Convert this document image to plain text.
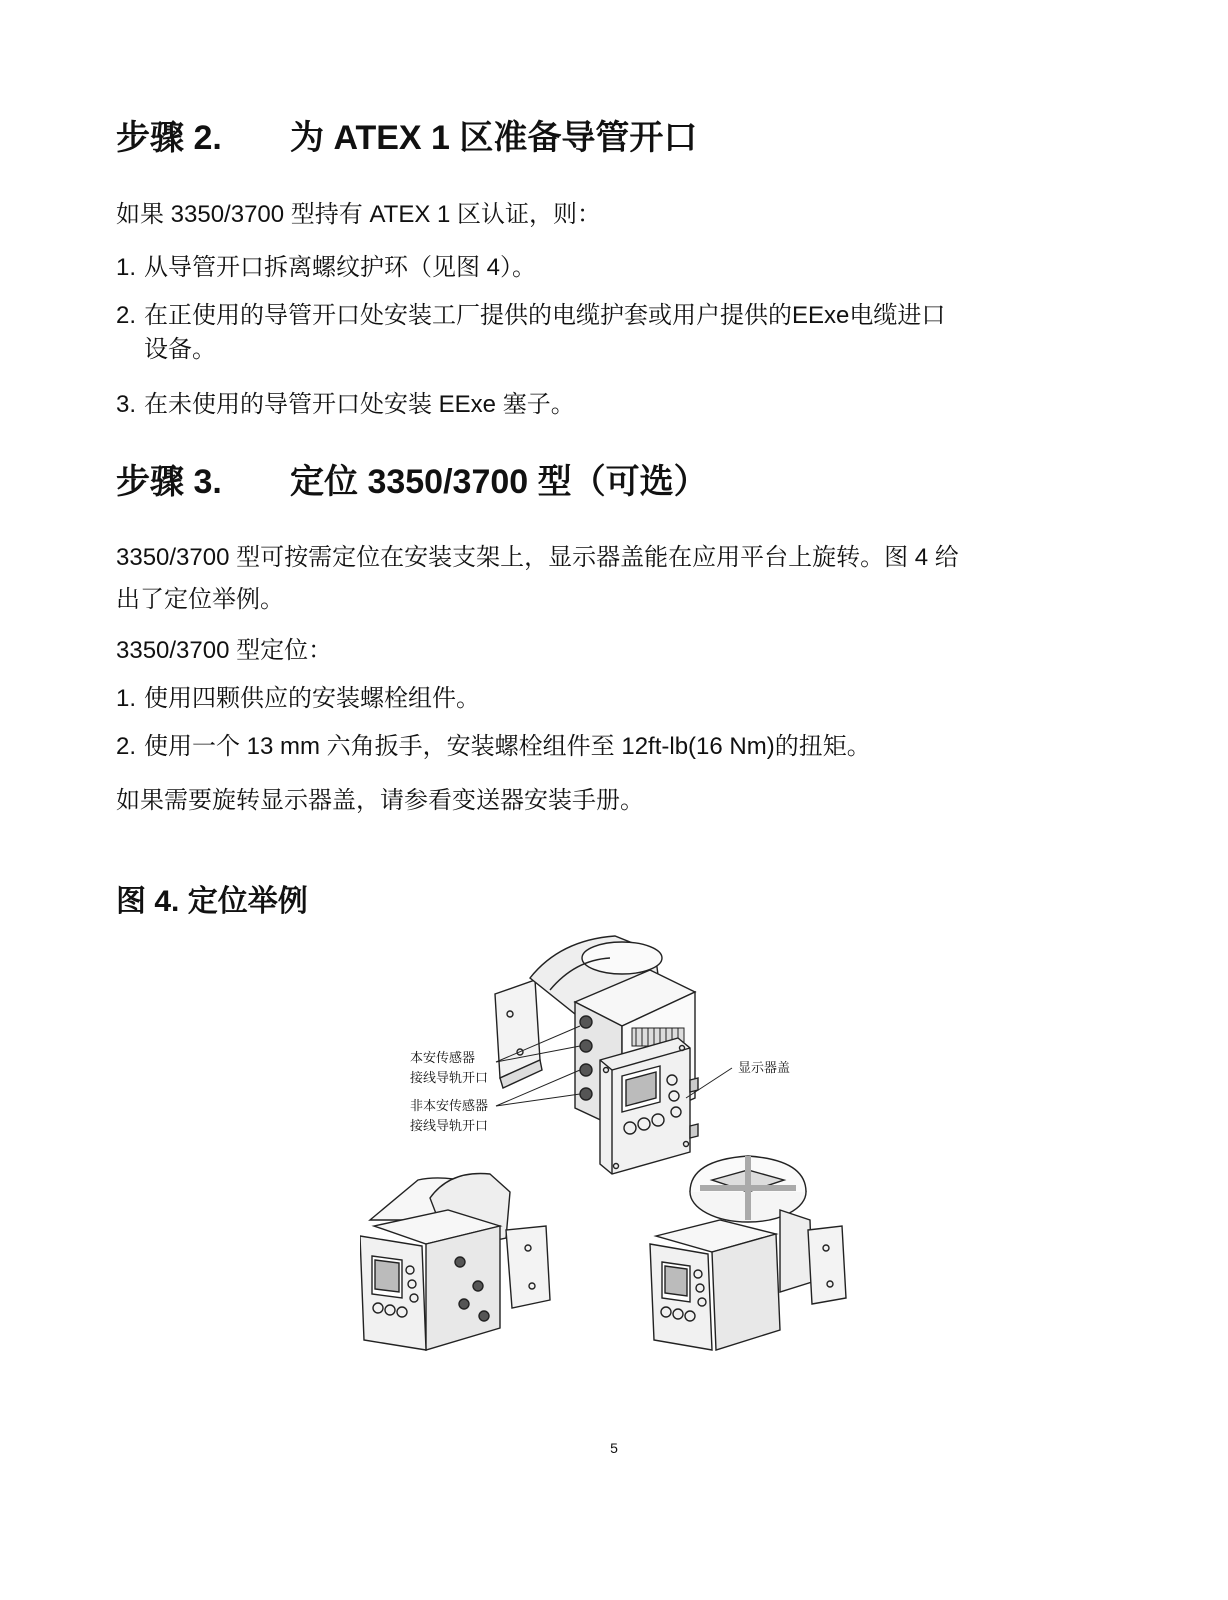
步骤 2. 为 ATEX 1 区准备导管开口
如果 3350/3700 型持有 ATEX 1 区认证，则：
1. 从导管开口拆离螺纹护环（见图 4）。
2. 在正使用的导管开口处安装工厂提供的电缆护套或用户提供的EExe电缆进口
设备。
3. 在未使用的导管开口处安装 EExe 塞子。
步骤 3. 定位 3350/3700 型（可选）
3350/3700 型可按需定位在安装支架上，显示器盖能在应用平台上旋转。图 4 给
出了定位举例。
3350/3700 型定位：
1. 使用四颗供应的安装螺栓组件。
2. 使用一个 13 mm 六角扳手，安装螺栓组件至 12ft-lb(16 Nm)的扭矩。
如果需要旋转显示器盖，请参看变送器安装手册。
图 4. 定位举例
本安传感器
接线导轨开口
非本安传感器
接线导轨开口
显示器盖
5
